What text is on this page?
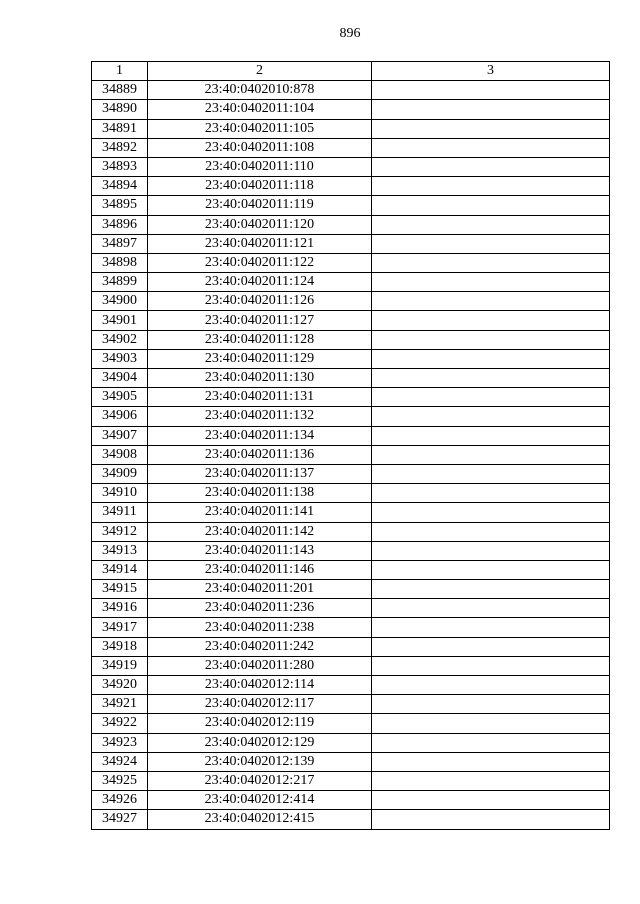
896
1	2	3
34889	23:40:0402010:878	
34890	23:40:0402011:104	
34891	23:40:0402011:105	
34892	23:40:0402011:108	
34893	23:40:0402011:110	
34894	23:40:0402011:118	
34895	23:40:0402011:119	
34896	23:40:0402011:120	
34897	23:40:0402011:121	
34898	23:40:0402011:122	
34899	23:40:0402011:124	
34900	23:40:0402011:126	
34901	23:40:0402011:127	
34902	23:40:0402011:128	
34903	23:40:0402011:129	
34904	23:40:0402011:130	
34905	23:40:0402011:131	
34906	23:40:0402011:132	
34907	23:40:0402011:134	
34908	23:40:0402011:136	
34909	23:40:0402011:137	
34910	23:40:0402011:138	
34911	23:40:0402011:141	
34912	23:40:0402011:142	
34913	23:40:0402011:143	
34914	23:40:0402011:146	
34915	23:40:0402011:201	
34916	23:40:0402011:236	
34917	23:40:0402011:238	
34918	23:40:0402011:242	
34919	23:40:0402011:280	
34920	23:40:0402012:114	
34921	23:40:0402012:117	
34922	23:40:0402012:119	
34923	23:40:0402012:129	
34924	23:40:0402012:139	
34925	23:40:0402012:217	
34926	23:40:0402012:414	
34927	23:40:0402012:415	
